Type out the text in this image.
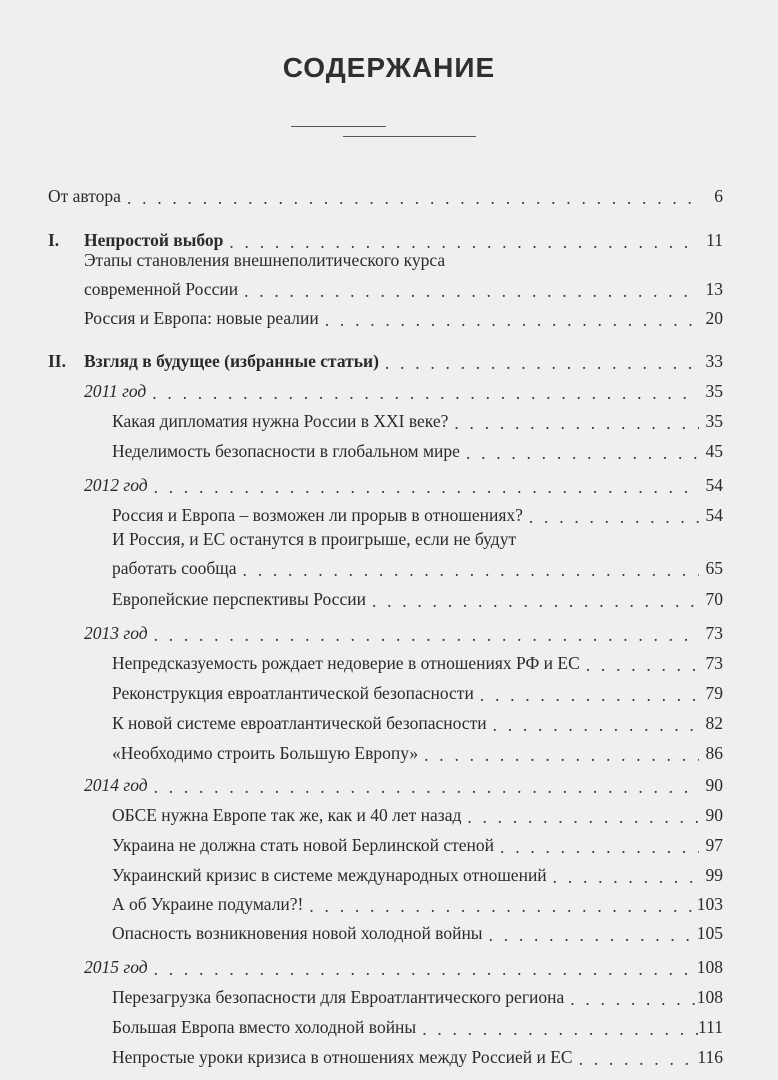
СОДЕРЖАНИЕ
От автора . . .	6
I.	Непростой выбор . . .	11
Этапы становления внешнеполитического курса
современной России . . .	13
Россия и Европа: новые реалии . . .	20
II.	Взгляд в будущее (избранные статьи) . . .	33
2011 год . . .	35
Какая дипломатия нужна России в XXI веке? . . .	35
Неделимость безопасности в глобальном мире . . .	45
2012 год . . .	54
Россия и Европа – возможен ли прорыв в отношениях? . . .	54
И Россия, и ЕС останутся в проигрыше, если не будут
работать сообща . . .	65
Европейские перспективы России . . .	70
2013 год . . .	73
Непредсказуемость рождает недоверие в отношениях РФ и ЕС . . .	73
Реконструкция евроатлантической безопасности . . .	79
К новой системе евроатлантической безопасности . . .	82
«Необходимо строить Большую Европу» . . .	86
2014 год . . .	90
ОБСЕ нужна Европе так же, как и 40 лет назад . . .	90
Украина не должна стать новой Берлинской стеной . . .	97
Украинский кризис в системе международных отношений . . .	99
А об Украине подумали?! . . .	103
Опасность возникновения новой холодной войны . . .	105
2015 год . . .	108
Перезагрузка безопасности для Евроатлантического региона . . .	108
Большая Европа вместо холодной войны . . .	111
Непростые уроки кризиса в отношениях между Россией и ЕС . . .	116
